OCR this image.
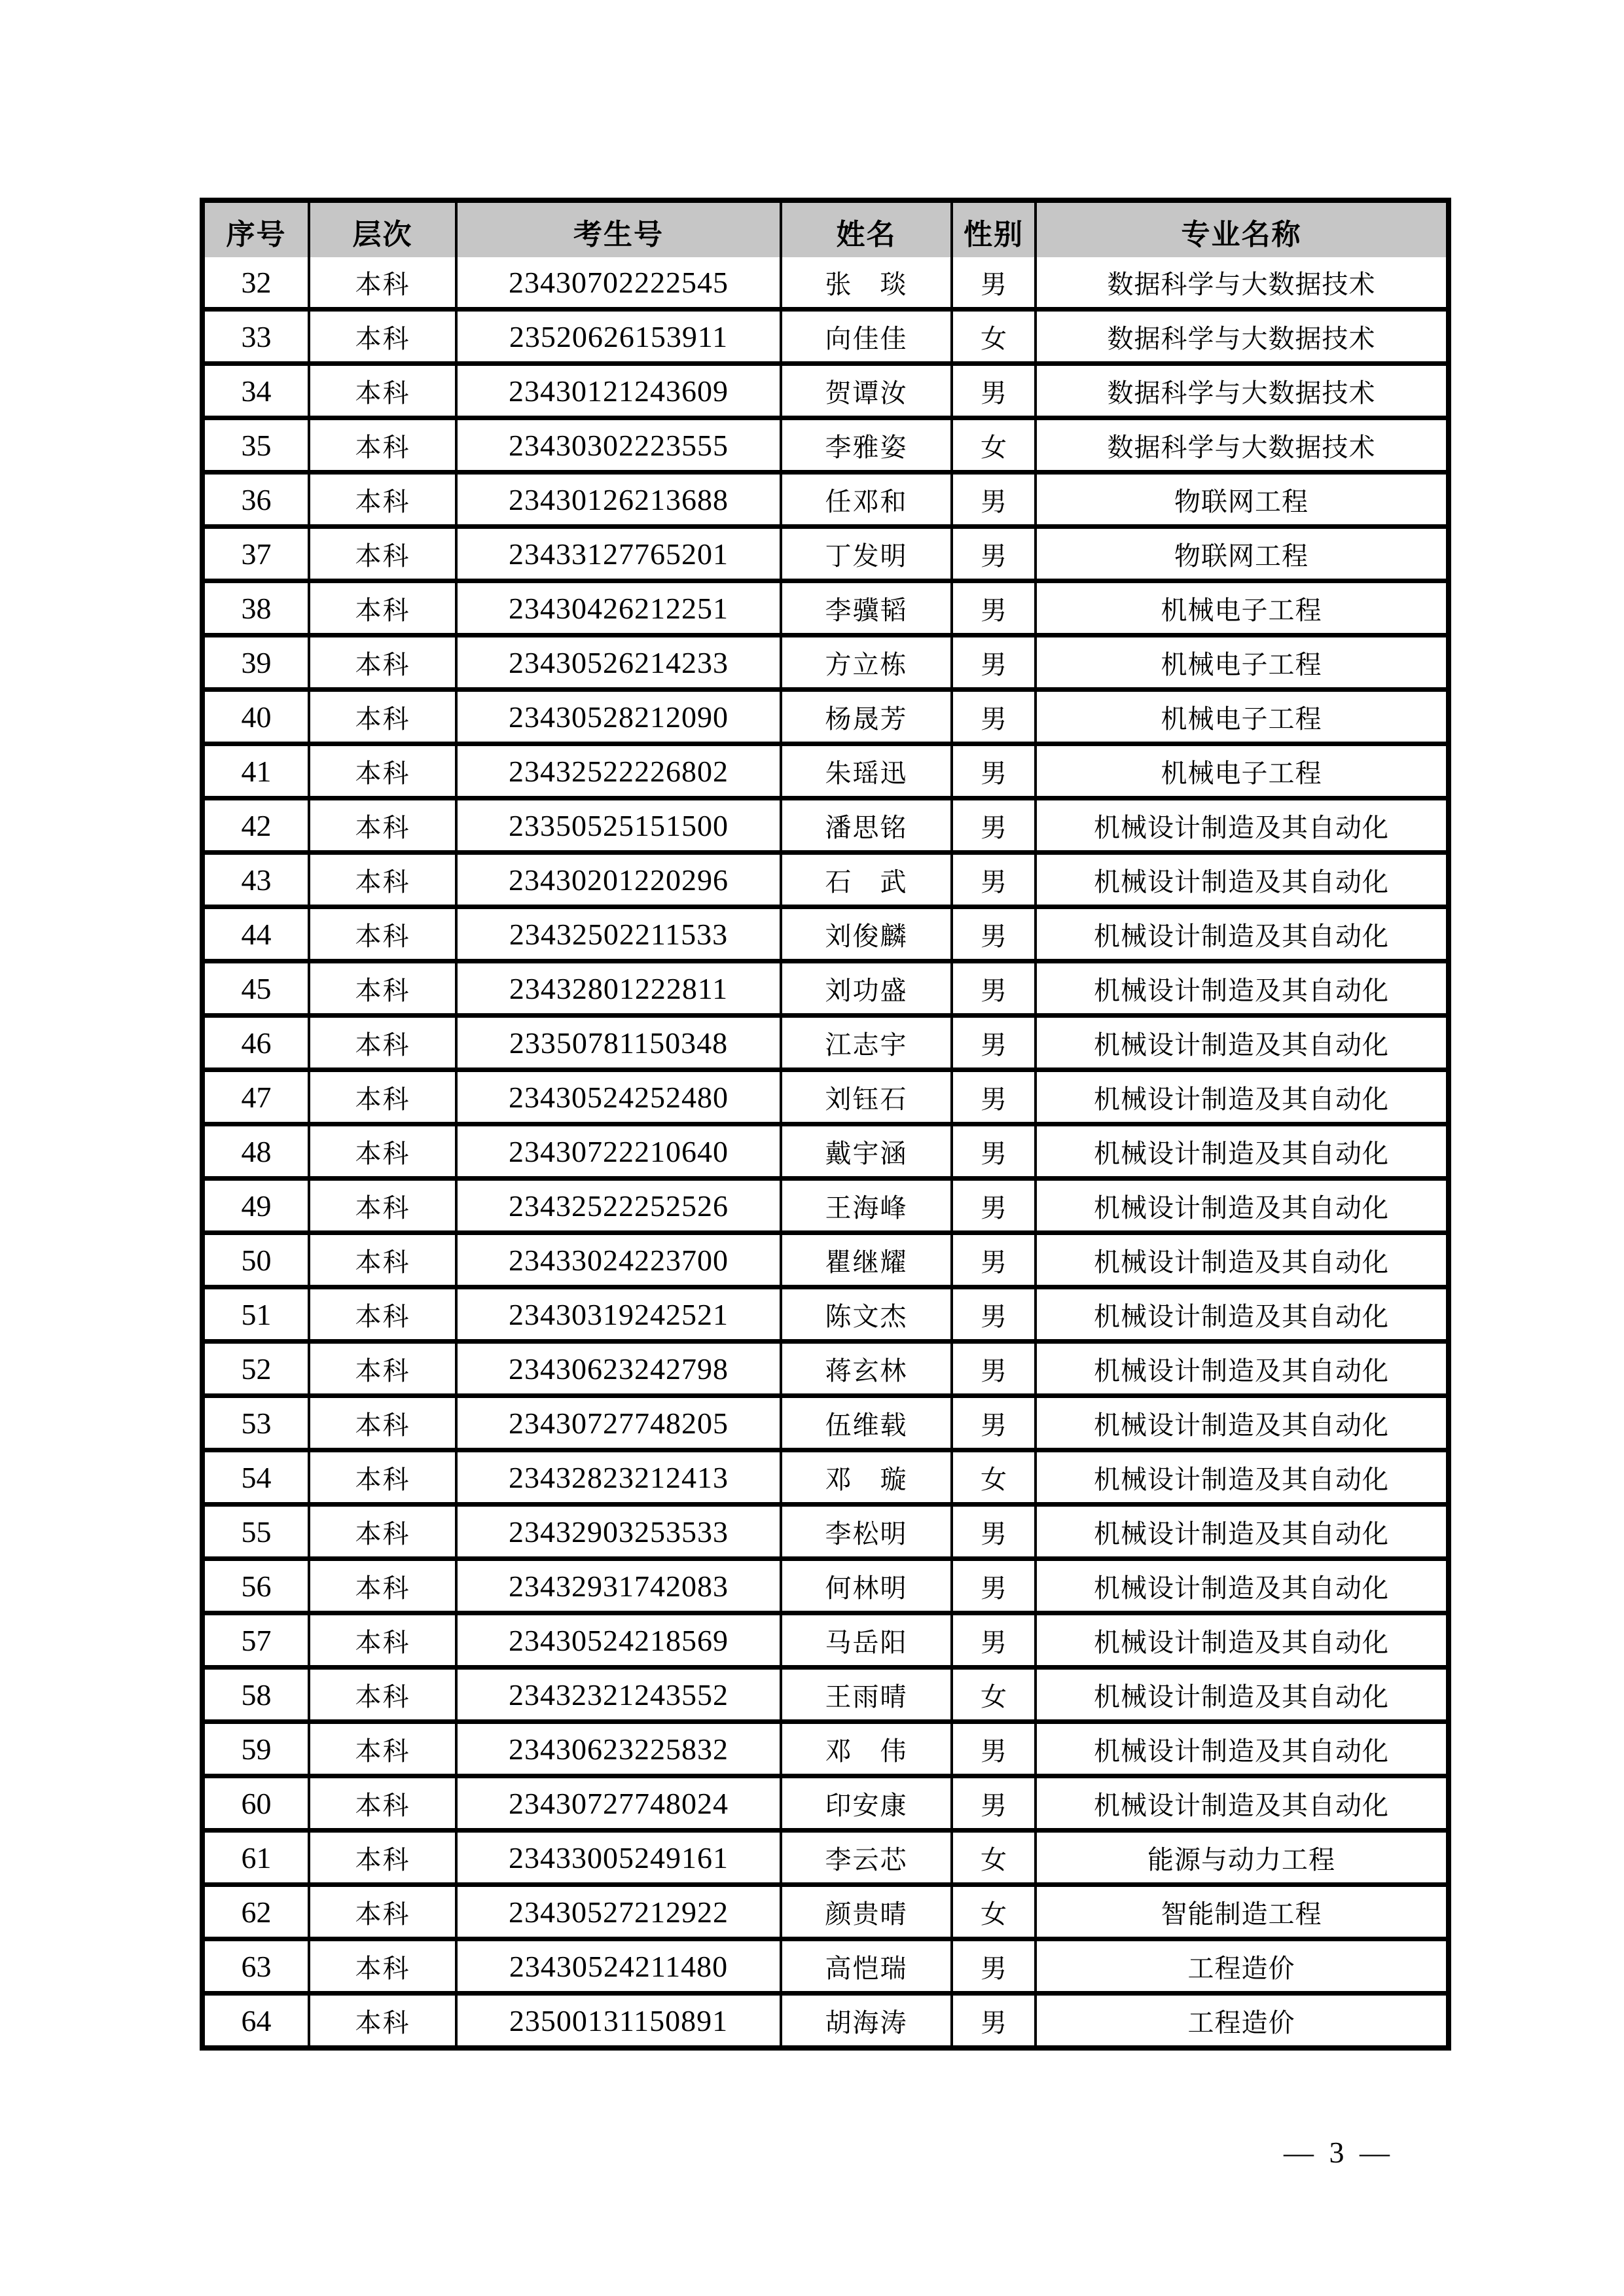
序号	层次	考生号	姓名	性别	专业名称
32	本科	23430702222545	张　琰	男	数据科学与大数据技术
33	本科	23520626153911	向佳佳	女	数据科学与大数据技术
34	本科	23430121243609	贺谭汝	男	数据科学与大数据技术
35	本科	23430302223555	李雅姿	女	数据科学与大数据技术
36	本科	23430126213688	任邓和	男	物联网工程
37	本科	23433127765201	丁发明	男	物联网工程
38	本科	23430426212251	李骥韬	男	机械电子工程
39	本科	23430526214233	方立栋	男	机械电子工程
40	本科	23430528212090	杨晟芳	男	机械电子工程
41	本科	23432522226802	朱瑶迅	男	机械电子工程
42	本科	23350525151500	潘思铭	男	机械设计制造及其自动化
43	本科	23430201220296	石　武	男	机械设计制造及其自动化
44	本科	23432502211533	刘俊麟	男	机械设计制造及其自动化
45	本科	23432801222811	刘功盛	男	机械设计制造及其自动化
46	本科	23350781150348	江志宇	男	机械设计制造及其自动化
47	本科	23430524252480	刘钰石	男	机械设计制造及其自动化
48	本科	23430722210640	戴宇涵	男	机械设计制造及其自动化
49	本科	23432522252526	王海峰	男	机械设计制造及其自动化
50	本科	23433024223700	瞿继耀	男	机械设计制造及其自动化
51	本科	23430319242521	陈文杰	男	机械设计制造及其自动化
52	本科	23430623242798	蒋玄林	男	机械设计制造及其自动化
53	本科	23430727748205	伍维载	男	机械设计制造及其自动化
54	本科	23432823212413	邓　璇	女	机械设计制造及其自动化
55	本科	23432903253533	李松明	男	机械设计制造及其自动化
56	本科	23432931742083	何林明	男	机械设计制造及其自动化
57	本科	23430524218569	马岳阳	男	机械设计制造及其自动化
58	本科	23432321243552	王雨晴	女	机械设计制造及其自动化
59	本科	23430623225832	邓　伟	男	机械设计制造及其自动化
60	本科	23430727748024	印安康	男	机械设计制造及其自动化
61	本科	23433005249161	李云芯	女	能源与动力工程
62	本科	23430527212922	颜贵晴	女	智能制造工程
63	本科	23430524211480	高恺瑞	男	工程造价
64	本科	23500131150891	胡海涛	男	工程造价
— 3 —
